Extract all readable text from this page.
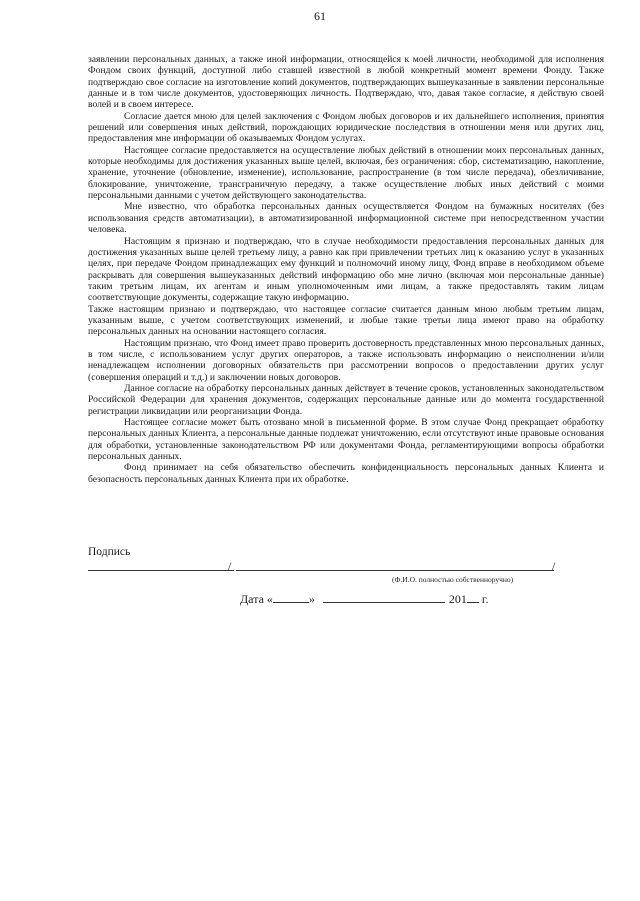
61

заявлении персональных данных, а также иной информации, относящейся к моей личности, необходимой для исполнения Фондом своих функций, доступной либо ставшей известной в любой конкретный момент времени Фонду. Также подтверждаю свое согласие на изготовление копий документов, подтверждающих вышеуказанные в заявлении персональные данные и в том числе документов, удостоверяющих личность. Подтверждаю, что, давая такое согласие, я действую своей волей и в своем интересе.

Согласие дается мною для целей заключения с Фондом любых договоров и их дальнейшего исполнения, принятия решений или совершения иных действий, порождающих юридические последствия в отношении меня или других лиц, предоставления мне информации об оказываемых Фондом услугах.

Настоящее согласие предоставляется на осуществление любых действий в отношении моих персональных данных, которые необходимы для достижения указанных выше целей, включая, без ограничения: сбор, систематизацию, накопление, хранение, уточнение (обновление, изменение), использование, распространение (в том числе передача), обезличивание, блокирование, уничтожение, трансграничную передачу, а также осуществление любых иных действий с моими персональными данными с учетом действующего законодательства.

Мне известно, что обработка персональных данных осуществляется Фондом на бумажных носителях (без использования средств автоматизации), в автоматизированной информационной системе при непосредственном участии человека.

Настоящим я признаю и подтверждаю, что в случае необходимости предоставления персональных данных для достижения указанных выше целей третьему лицу, а равно как при привлечении третьих лиц к оказанию услуг в указанных целях, при передаче Фондом принадлежащих ему функций и полномочий иному лицу, Фонд вправе в необходимом объеме раскрывать для совершения вышеуказанных действий информацию обо мне лично (включая мои персональные данные) таким третьим лицам, их агентам и иным уполномоченным ими лицам, а также предоставлять таким лицам соответствующие документы, содержащие такую информацию.

Также настоящим признаю и подтверждаю, что настоящее согласие считается данным мною любым третьим лицам, указанным выше, с учетом соответствующих изменений, и любые такие третьи лица имеют право на обработку персональных данных на основании настоящего согласия.

Настоящим признаю, что Фонд имеет право проверить достоверность представленных мною персональных данных, в том числе, с использованием услуг других операторов, а также использовать информацию о неисполнении и/или ненадлежащем исполнении договорных обязательств при рассмотрении вопросов о предоставлении других услуг (совершения операций и т.д.) и заключении новых договоров.

Данное согласие на обработку персональных данных действует в течение сроков, установленных законодательством Российской Федерации для хранения документов, содержащих персональные данные или до момента государственной регистрации ликвидации или реорганизации Фонда.

Настоящее согласие может быть отозвано мной в письменной форме. В этом случае Фонд прекращает обработку персональных данных Клиента, а персональные данные подлежат уничтожению, если отсутствуют иные правовые основания для обработки, установленные законодательством РФ или документами Фонда, регламентирующими вопросы обработки персональных данных.

Фонд принимает на себя обязательство обеспечить конфиденциальность персональных данных Клиента и безопасность персональных данных Клиента при их обработке.

Подпись
/	/
(Ф.И.О. полностью собственноручно)
Дата «	»	201 г.
